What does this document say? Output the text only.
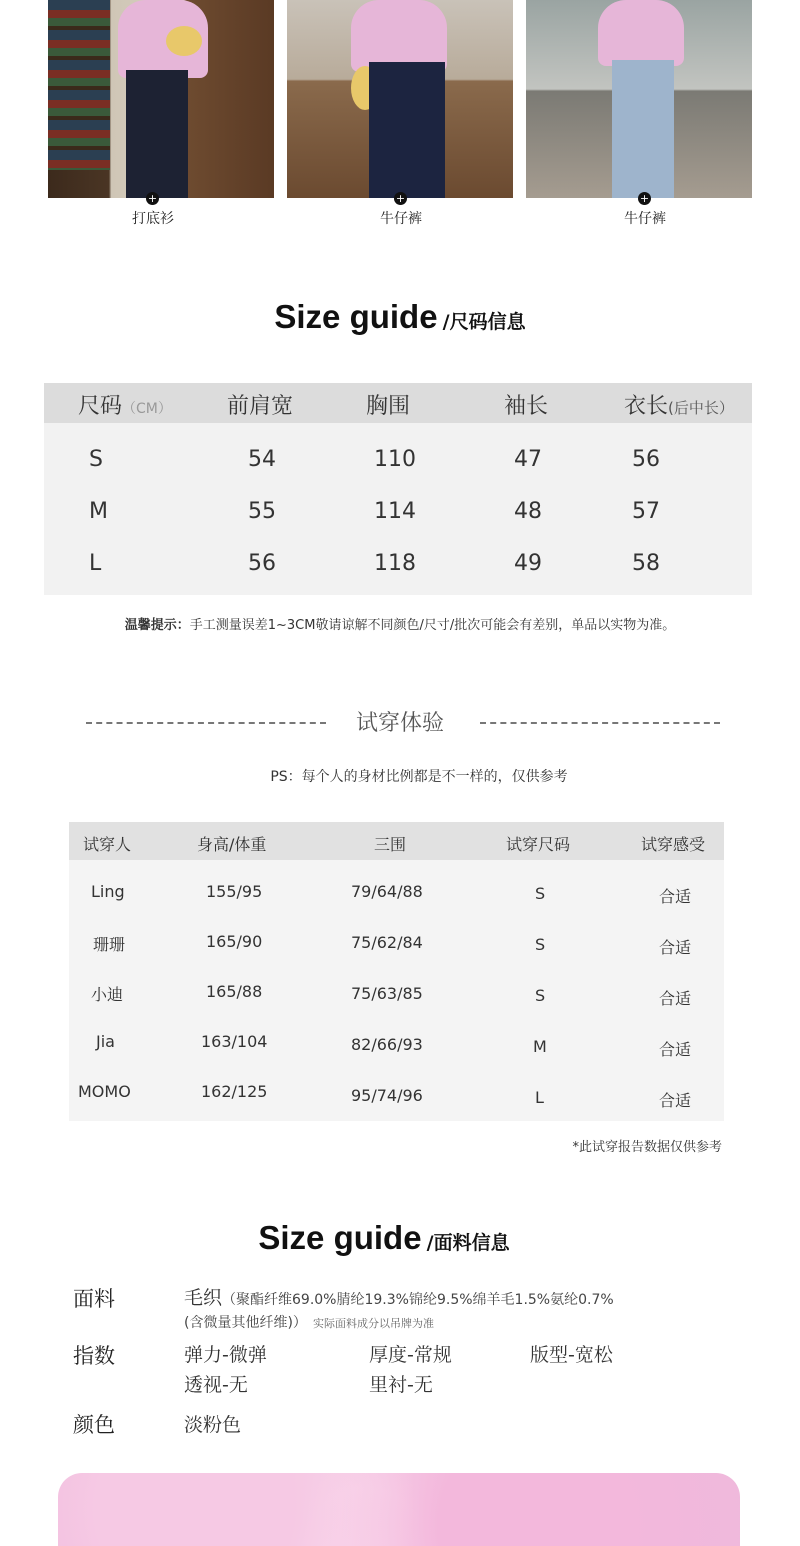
+	+	+
打底衫	牛仔裤	牛仔裤
Size guide /尺码信息
尺码（CM）	前肩宽	胸围	袖长	衣长(后中长）
S	54	110	47	56
M	55	114	48	57
L	56	118	49	58
温馨提示：手工测量误差1~3CM敬请谅解不同颜色/尺寸/批次可能会有差别，单品以实物为准。
试穿体验
PS：每个人的身材比例都是不一样的，仅供参考
试穿人	身高/体重	三围	试穿尺码	试穿感受
Ling	155/95	79/64/88	S	合适
珊珊	165/90	75/62/84	S	合适
小迪	165/88	75/63/85	S	合适
Jia	163/104	82/66/93	M	合适
MOMO	162/125	95/74/96	L	合适
*此试穿报告数据仅供参考
Size guide /面料信息
面料	毛织（聚酯纤维69.0%腈纶19.3%锦纶9.5%绵羊毛1.5%氨纶0.7%
(含微量其他纤维)） 实际面料成分以吊牌为准
指数	弹力-微弹	厚度-常规	版型-宽松
透视-无	里衬-无
颜色	淡粉色
